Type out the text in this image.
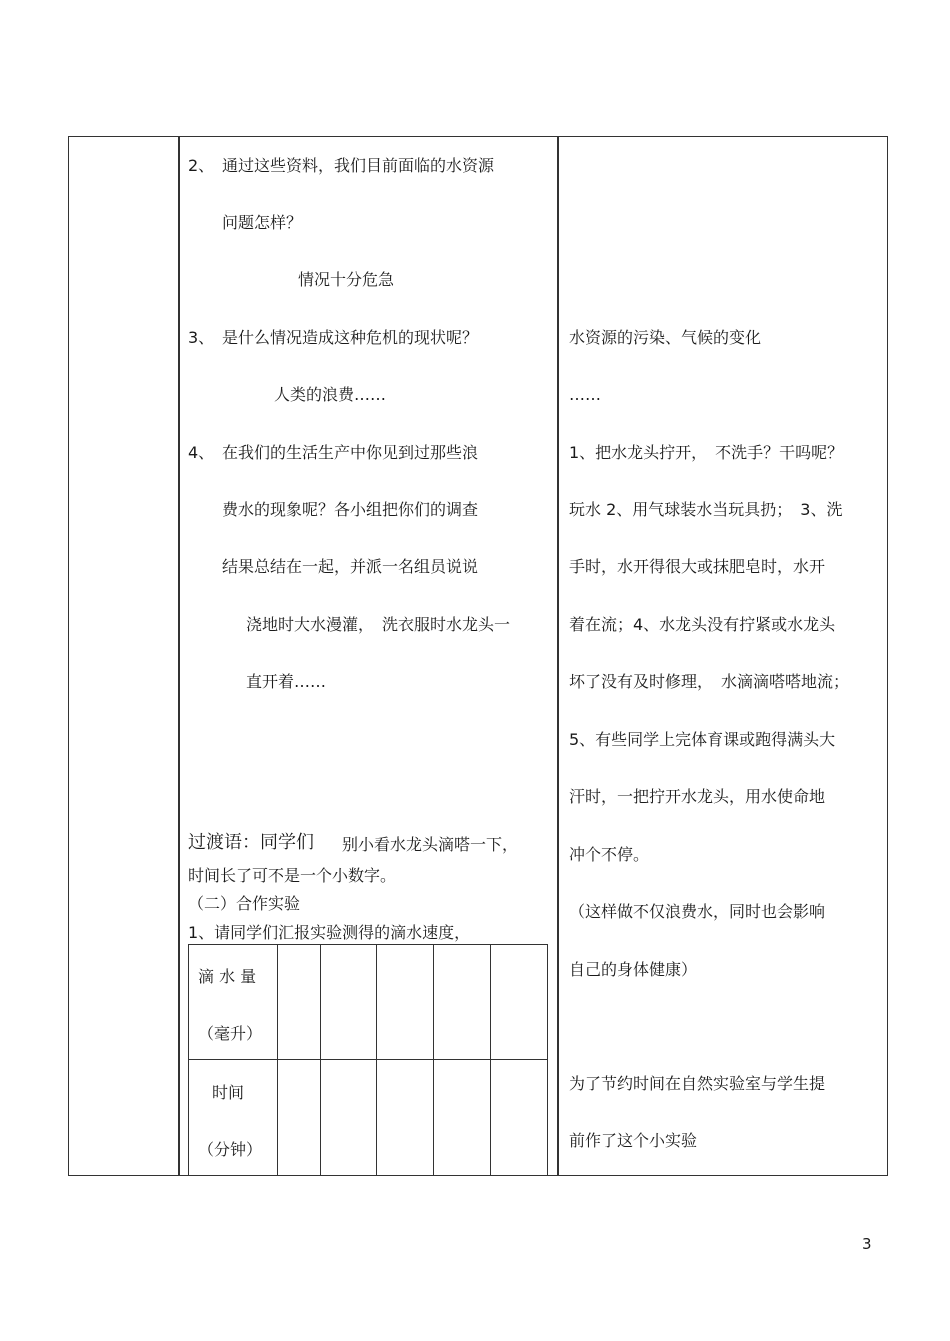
2、 通过这些资料，我们目前面临的水资源
问题怎样？
情况十分危急
3、 是什么情况造成这种危机的现状呢？
人类的浪费……
4、 在我们的生活生产中你见到过那些浪
费水的现象呢？各小组把你们的调查
结果总结在一起，并派一名组员说说
浇地时大水漫灌，　洗衣服时水龙头一
直开着……
过渡语：同学们 别小看水龙头滴嗒一下，
时间长了可不是一个小数字。
（二）合作实验
1、请同学们汇报实验测得的滴水速度，
滴 水 量
（毫升）
时间
（分钟）
水资源的污染、气候的变化
……
1、把水龙头拧开，　不洗手？干吗呢？
玩水 2、用气球装水当玩具扔；　3、洗
手时，水开得很大或抹肥皂时，水开
着在流；4、水龙头没有拧紧或水龙头
坏了没有及时修理，　水滴滴嗒嗒地流；
5、有些同学上完体育课或跑得满头大
汗时，一把拧开水龙头，用水使命地
冲个不停。
（这样做不仅浪费水，同时也会影响
自己的身体健康）
为了节约时间在自然实验室与学生提
前作了这个小实验
3
